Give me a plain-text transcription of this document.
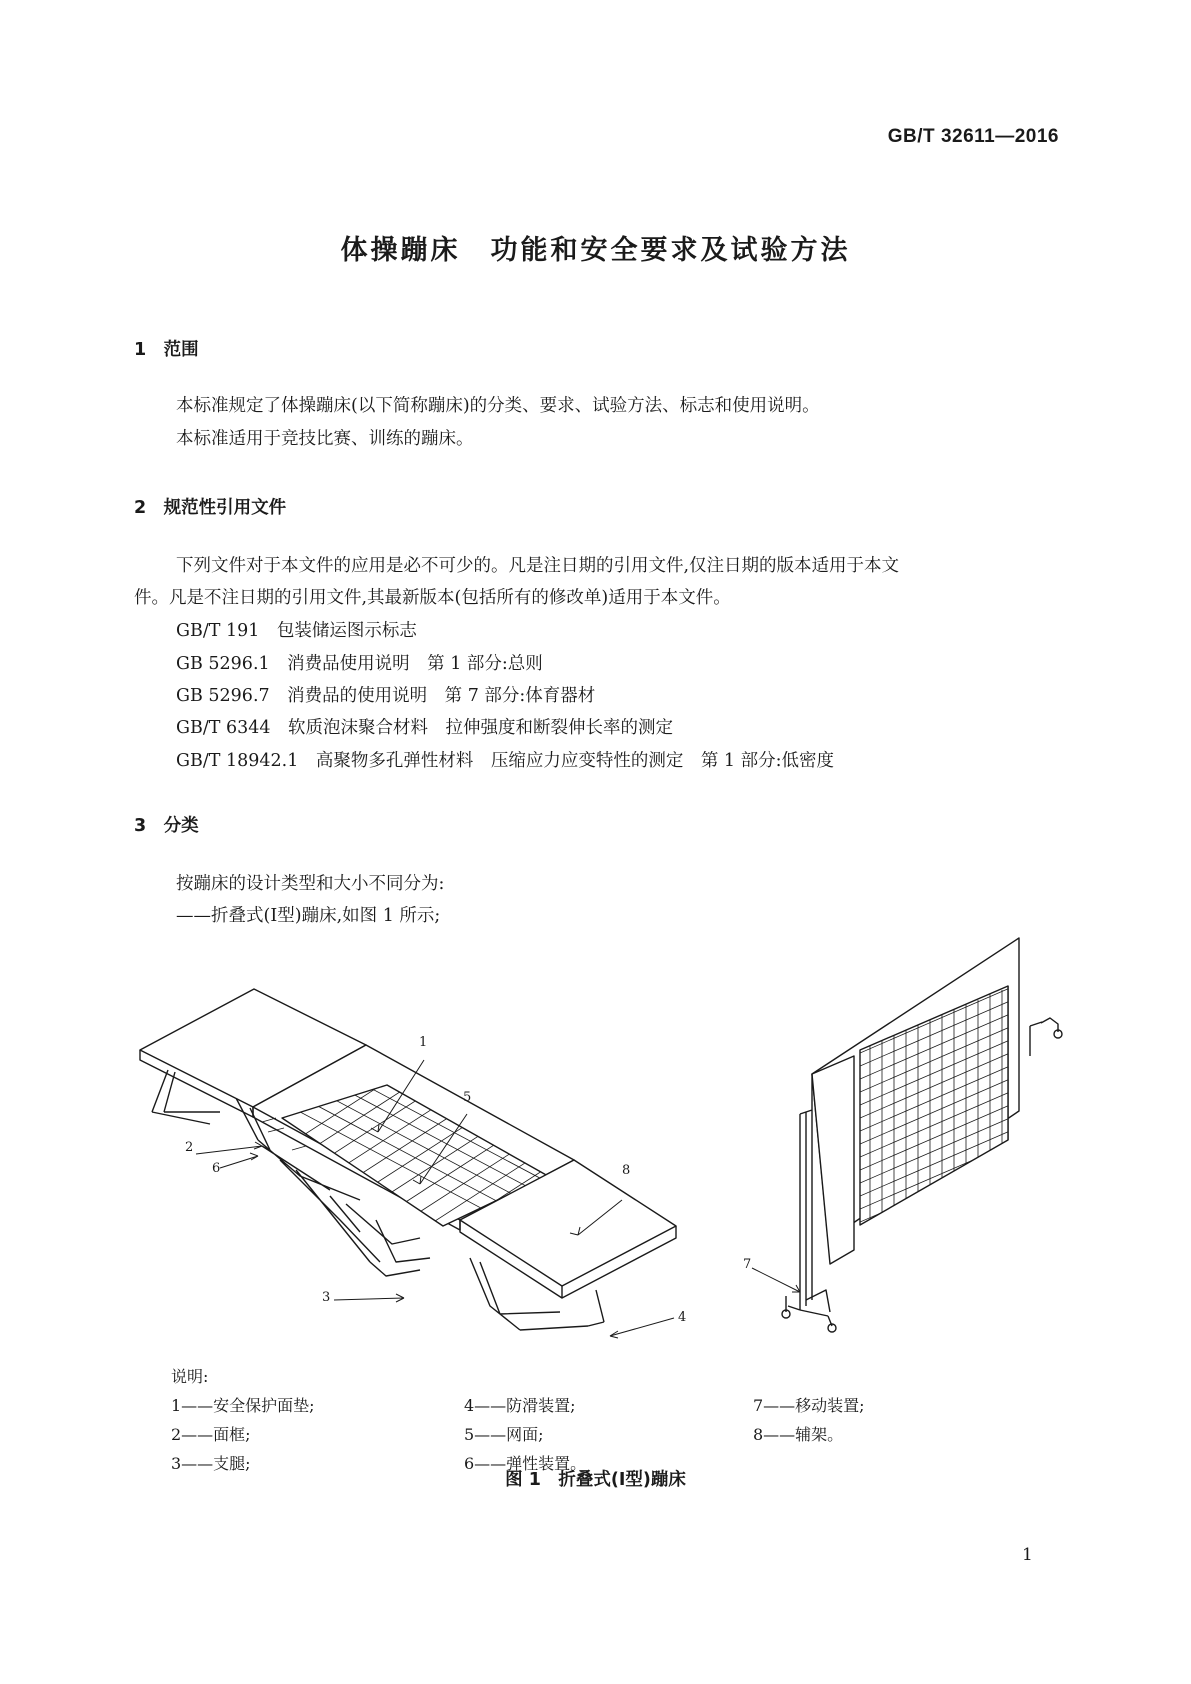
GB/T 32611—2016
体操蹦床　功能和安全要求及试验方法
1　范围
本标准规定了体操蹦床(以下简称蹦床)的分类、要求、试验方法、标志和使用说明。
本标准适用于竞技比赛、训练的蹦床。
2　规范性引用文件
下列文件对于本文件的应用是必不可少的。凡是注日期的引用文件,仅注日期的版本适用于本文
件。凡是不注日期的引用文件,其最新版本(包括所有的修改单)适用于本文件。
GB/T 191　包装储运图示标志
GB 5296.1　消费品使用说明　第 1 部分:总则
GB 5296.7　消费品的使用说明　第 7 部分:体育器材
GB/T 6344　软质泡沫聚合材料　拉伸强度和断裂伸长率的测定
GB/T 18942.1　高聚物多孔弹性材料　压缩应力应变特性的测定　第 1 部分:低密度
3　分类
按蹦床的设计类型和大小不同分为:
——折叠式(Ⅰ型)蹦床,如图 1 所示;
1
2
3
4
5
6
7
8
说明:
1——安全保护面垫;
2——面框;
3——支腿;
4——防滑装置;
5——网面;
6——弹性装置。
7——移动装置;
8——辅架。
图 1　折叠式(Ⅰ型)蹦床
1
